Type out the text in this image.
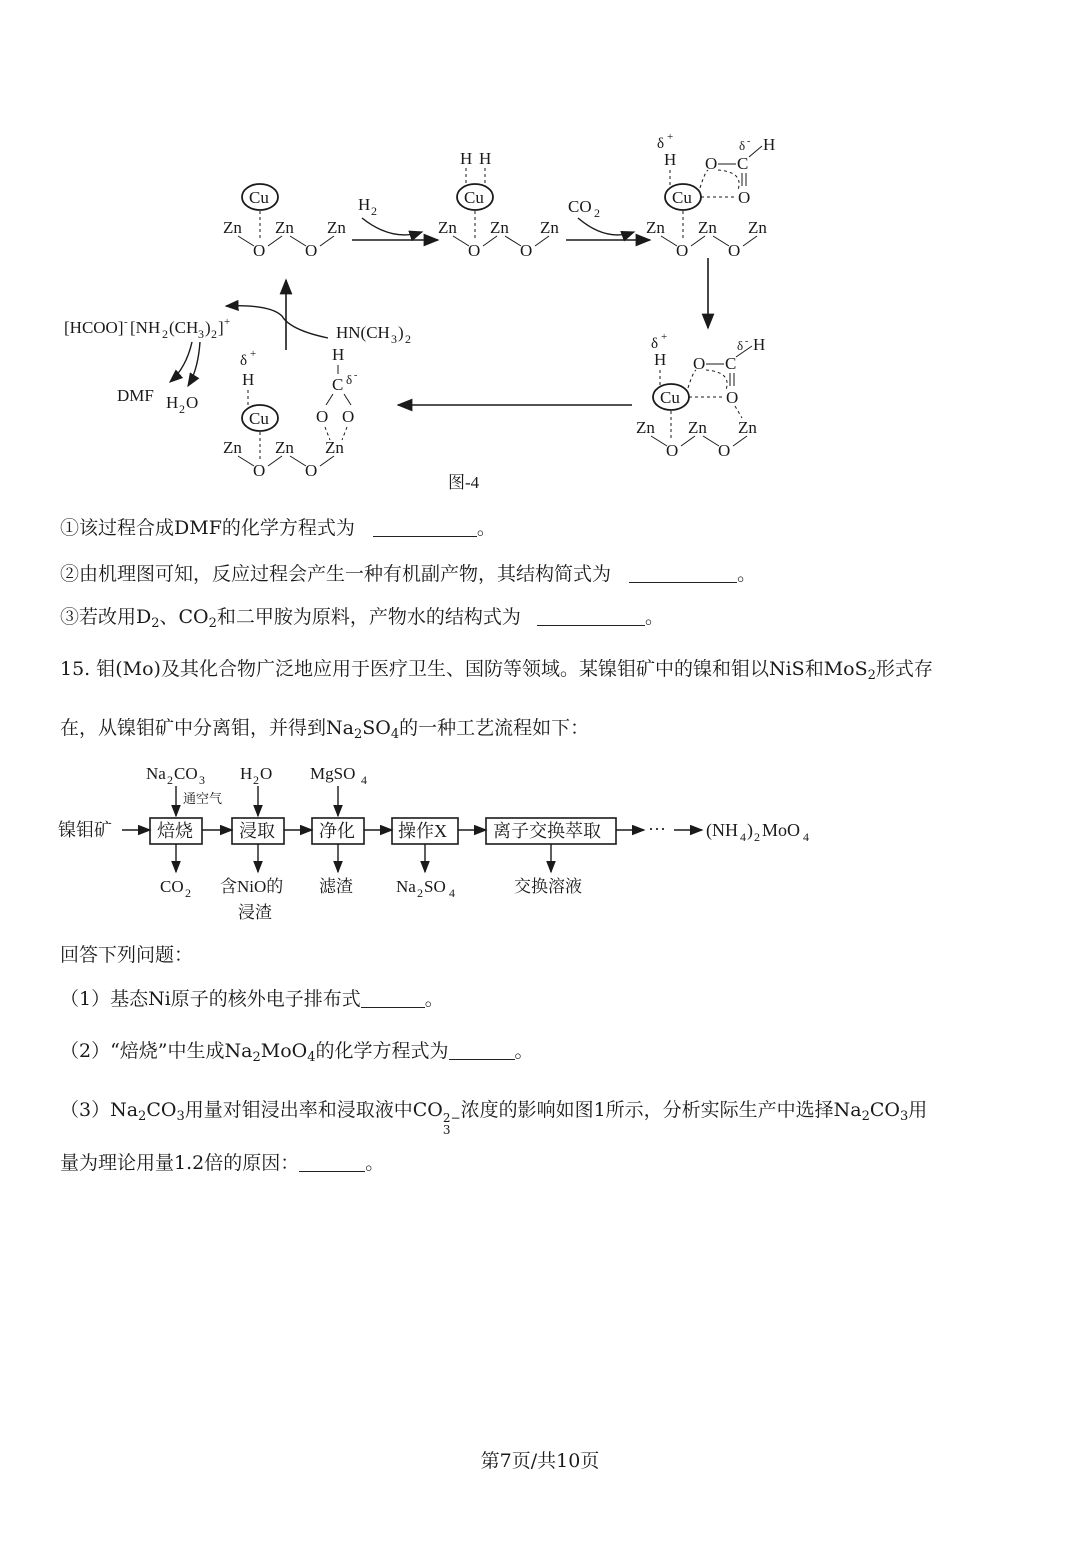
Cu
Zn Zn Zn
O O
H 2
H H
Cu
Zn Zn Zn
O O
CO 2
δ +
H
Cu
O C
δ - H
O
Zn Zn Zn
O O
δ +
H
Cu
O C
δ - H
O
Zn Zn Zn
O O
δ +
H
Cu
H
C δ -
O O
Zn Zn Zn
O O
HN(CH 3 ) 2
[HCOO] - [NH 2 (CH 3 ) 2 ] +
DMF H 2 O
图-4
①该过程合成DMF的化学方程式为	。
②由机理图可知，反应过程会产生一种有机副产物，其结构简式为	。
③若改用$D_2$、$CO_2$和二甲胺为原料，产物水的结构式为	。
15. 钼(Mo)及其化合物广泛地应用于医疗卫生、国防等领域。某镍钼矿中的镍和钼以NiS和MoS$_2$形式存
在，从镍钼矿中分离钼，并得到$Na_2SO_4$的一种工艺流程如下：
镍钼矿	焙烧	浸取 净化 操作X	离子交换萃取	··· (NH 4 ) 2 MoO 4
Na 2 CO 3
通空气
H 2 O MgSO 4
CO 2 含NiO的
浸渣
滤渣	Na 2 SO 4	交换溶液
回答下列问题：
（1）基态Ni原子的核外电子排布式	。
（2）“焙烧”中生成$Na_2MoO_4$的化学方程式为	。
$(3)Na_2CO_3$用量对钼浸出率和浸取液中CO 2−
3
浓度的影响如图1所示，分析实际生产中选择$Na_2CO_3$用
量为理论用量1.2倍的原因：	。
第7页/共10页
